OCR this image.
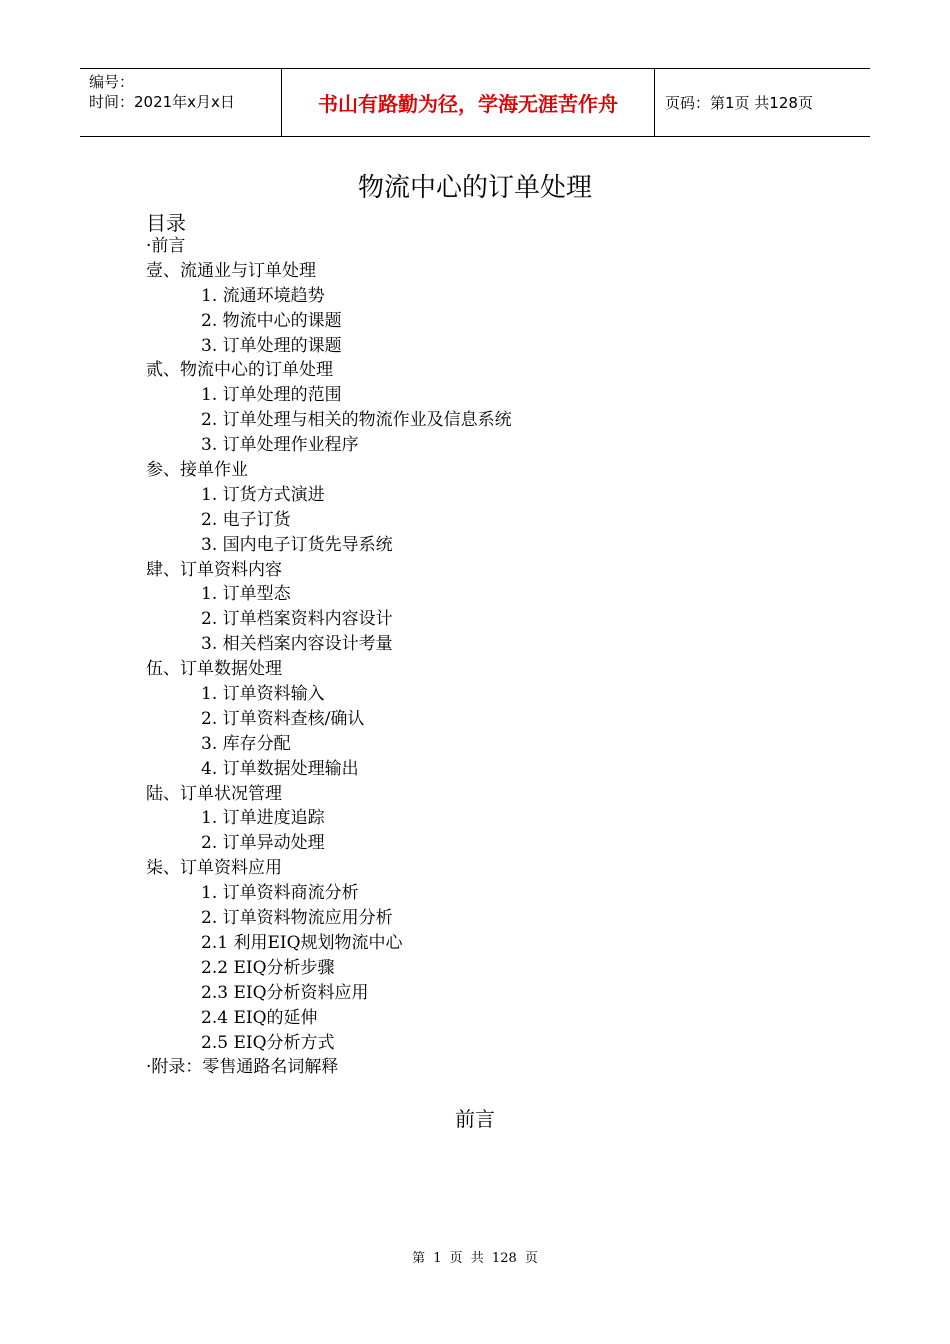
编号：
时间：2021年x月x日	书山有路勤为径，学海无涯苦作舟	页码：第1页 共128页
物流中心的订单处理
目录
·前言
壹、流通业与订单处理
1. 流通环境趋势
2. 物流中心的课题
3. 订单处理的课题
贰、物流中心的订单处理
1. 订单处理的范围
2. 订单处理与相关的物流作业及信息系统
3. 订单处理作业程序
参、接单作业
1. 订货方式演进
2. 电子订货
3. 国内电子订货先导系统
肆、订单资料内容
1. 订单型态
2. 订单档案资料内容设计
3. 相关档案内容设计考量
伍、订单数据处理
1. 订单资料输入
2. 订单资料查核/确认
3. 库存分配
4. 订单数据处理输出
陆、订单状况管理
1. 订单进度追踪
2. 订单异动处理
柒、订单资料应用
1. 订单资料商流分析
2. 订单资料物流应用分析
2.1 利用EIQ规划物流中心
2.2 EIQ分析步骤
2.3 EIQ分析资料应用
2.4 EIQ的延伸
2.5 EIQ分析方式
·附录：零售通路名词解释
前言
第 1 页 共 128 页
